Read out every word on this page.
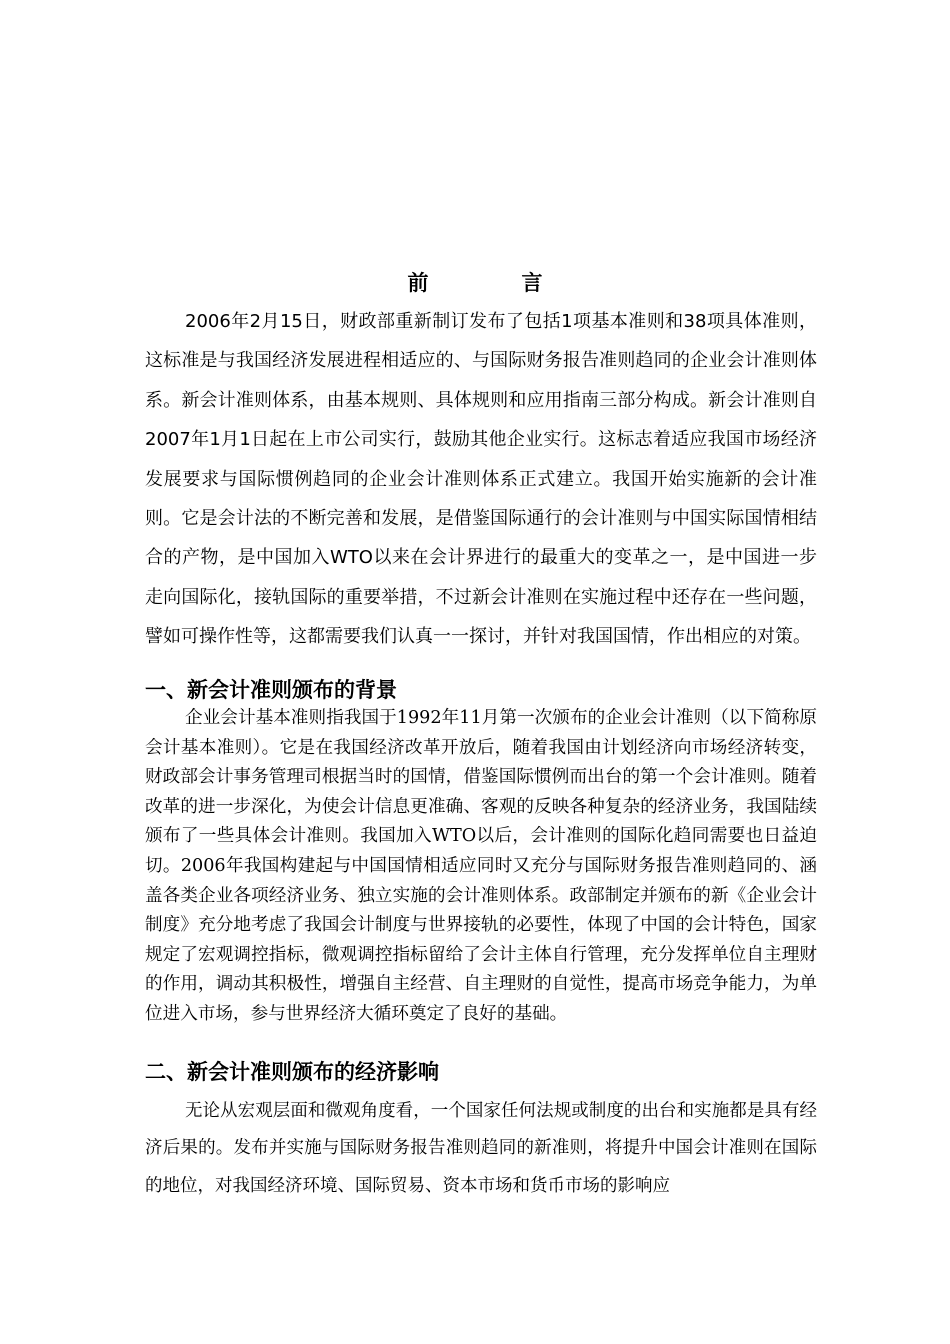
前　言

2006年2月15日，财政部重新制订发布了包括1项基本准则和38项具体准则，这标准是与我国经济发展进程相适应的、与国际财务报告准则趋同的企业会计准则体系。新会计准则体系，由基本规则、具体规则和应用指南三部分构成。新会计准则自2007年1月1日起在上市公司实行，鼓励其他企业实行。这标志着适应我国市场经济发展要求与国际惯例趋同的企业会计准则体系正式建立。我国开始实施新的会计准则。它是会计法的不断完善和发展，是借鉴国际通行的会计准则与中国实际国情相结合的产物，是中国加入WTO以来在会计界进行的最重大的变革之一，是中国进一步走向国际化，接轨国际的重要举措，不过新会计准则在实施过程中还存在一些问题，譬如可操作性等，这都需要我们认真一一探讨，并针对我国国情，作出相应的对策。

一、新会计准则颁布的背景

企业会计基本准则指我国于1992年11月第一次颁布的企业会计准则（以下简称原会计基本准则）。它是在我国经济改革开放后，随着我国由计划经济向市场经济转变，财政部会计事务管理司根据当时的国情，借鉴国际惯例而出台的第一个会计准则。随着改革的进一步深化，为使会计信息更准确、客观的反映各种复杂的经济业务，我国陆续颁布了一些具体会计准则。我国加入WTO以后，会计准则的国际化趋同需要也日益迫切。2006年我国构建起与中国国情相适应同时又充分与国际财务报告准则趋同的、涵盖各类企业各项经济业务、独立实施的会计准则体系。政部制定并颁布的新《企业会计制度》充分地考虑了我国会计制度与世界接轨的必要性，体现了中国的会计特色，国家规定了宏观调控指标，微观调控指标留给了会计主体自行管理，充分发挥单位自主理财的作用，调动其积极性，增强自主经营、自主理财的自觉性，提高市场竞争能力，为单位进入市场，参与世界经济大循环奠定了良好的基础。

二、新会计准则颁布的经济影响

无论从宏观层面和微观角度看，一个国家任何法规或制度的出台和实施都是具有经济后果的。发布并实施与国际财务报告准则趋同的新准则，将提升中国会计准则在国际的地位，对我国经济环境、国际贸易、资本市场和货币市场的影响应
